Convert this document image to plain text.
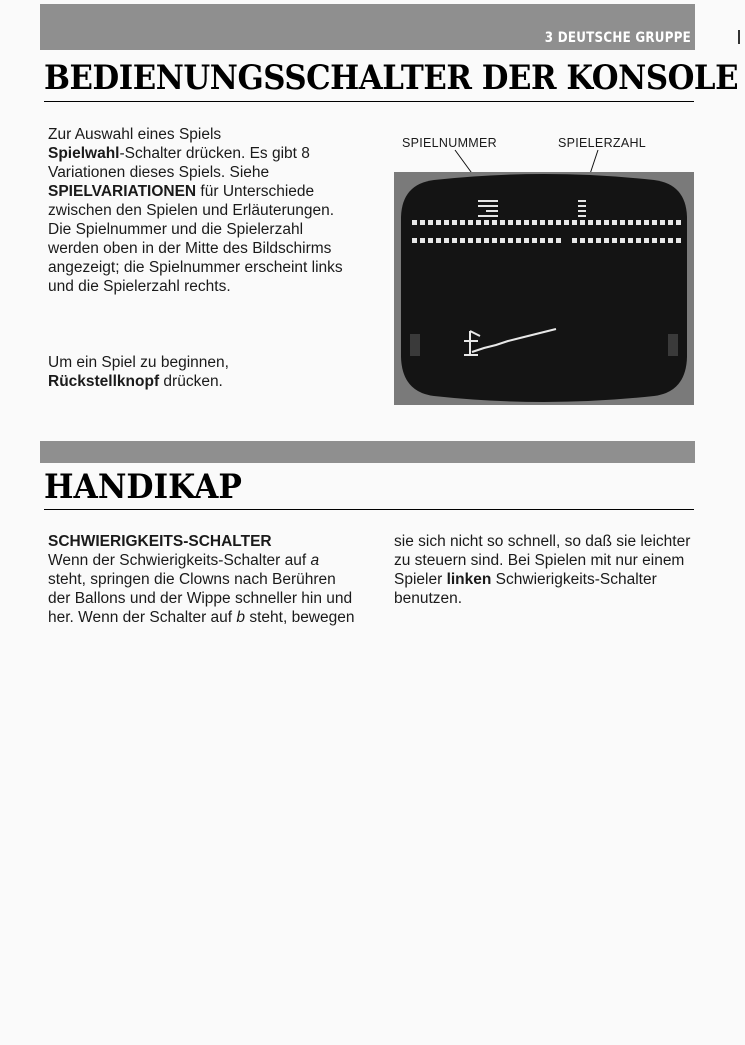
3 DEUTSCHE GRUPPE
BEDIENUNGSSCHALTER DER KONSOLE
Zur Auswahl eines Spiels
Spielwahl-Schalter drücken. Es gibt 8 Variationen dieses Spiels. Siehe SPIELVARIATIONEN für Unterschiede zwischen den Spielen und Erläuterungen. Die Spielnummer und die Spielerzahl werden oben in der Mitte des Bildschirms angezeigt; die Spielnummer erscheint links und die Spielerzahl rechts.
Um ein Spiel zu beginnen,
Rückstellknopf drücken.
SPIELNUMMER	SPIELERZAHL
HANDIKAP
SCHWIERIGKEITS-SCHALTER
Wenn der Schwierigkeits-Schalter auf a steht, springen die Clowns nach Berühren der Ballons und der Wippe schneller hin und her. Wenn der Schalter auf b steht, bewegen
sie sich nicht so schnell, so daß sie leichter zu steuern sind. Bei Spielen mit nur einem Spieler linken Schwierigkeits-Schalter benutzen.
